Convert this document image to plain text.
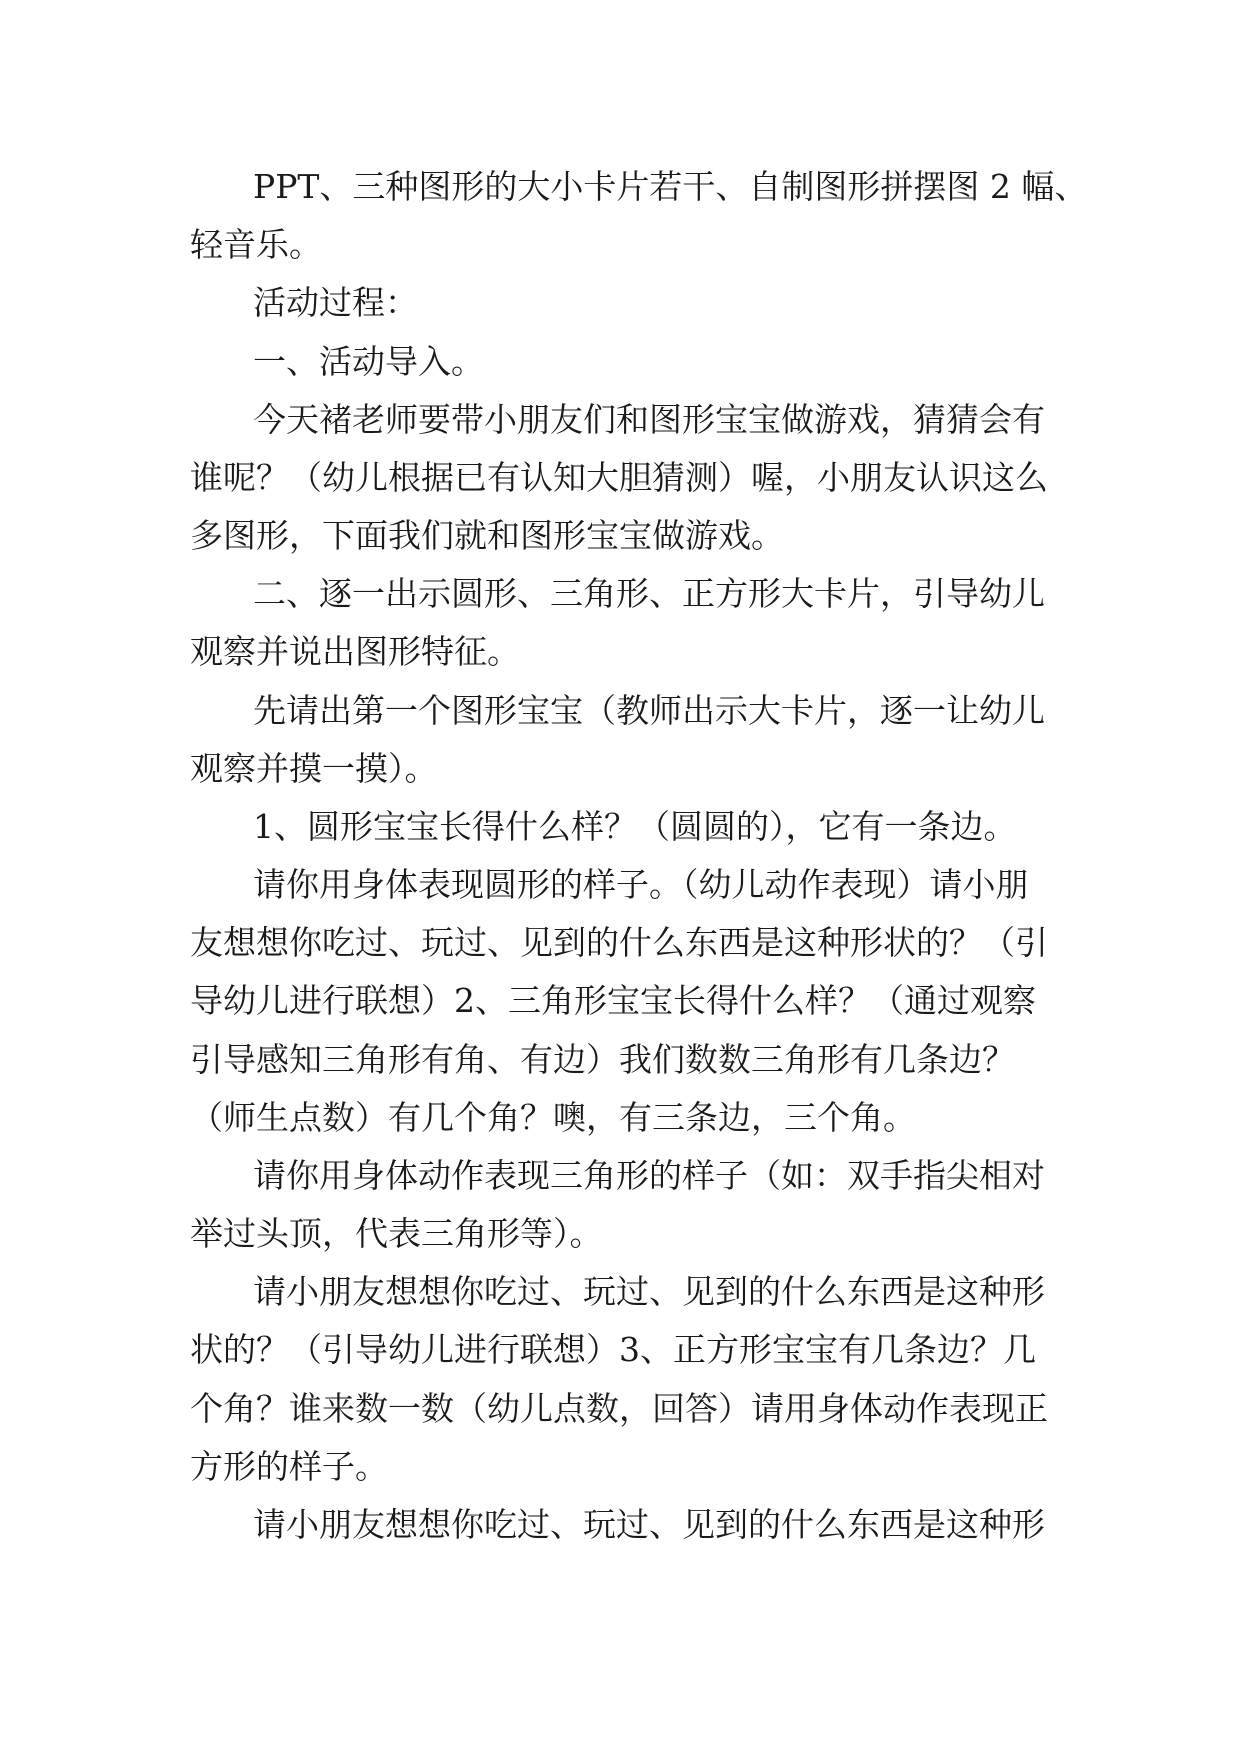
PPT、三种图形的大小卡片若干、自制图形拼摆图 2 幅、
轻音乐。
活动过程：
一、活动导入。
今天褚老师要带小朋友们和图形宝宝做游戏，猜猜会有
谁呢？（幼儿根据已有认知大胆猜测）喔，小朋友认识这么
多图形，下面我们就和图形宝宝做游戏。
二、逐一出示圆形、三角形、正方形大卡片，引导幼儿
观察并说出图形特征。
先请出第一个图形宝宝（教师出示大卡片，逐一让幼儿
观察并摸一摸）。
1、圆形宝宝长得什么样？（圆圆的），它有一条边。
请你用身体表现圆形的样子。（幼儿动作表现）请小朋
友想想你吃过、玩过、见到的什么东西是这种形状的？（引
导幼儿进行联想）2、三角形宝宝长得什么样？（通过观察
引导感知三角形有角、有边）我们数数三角形有几条边？
（师生点数）有几个角？噢，有三条边，三个角。
请你用身体动作表现三角形的样子（如：双手指尖相对
举过头顶，代表三角形等）。
请小朋友想想你吃过、玩过、见到的什么东西是这种形
状的？（引导幼儿进行联想）3、正方形宝宝有几条边？几
个角？谁来数一数（幼儿点数，回答）请用身体动作表现正
方形的样子。
请小朋友想想你吃过、玩过、见到的什么东西是这种形
